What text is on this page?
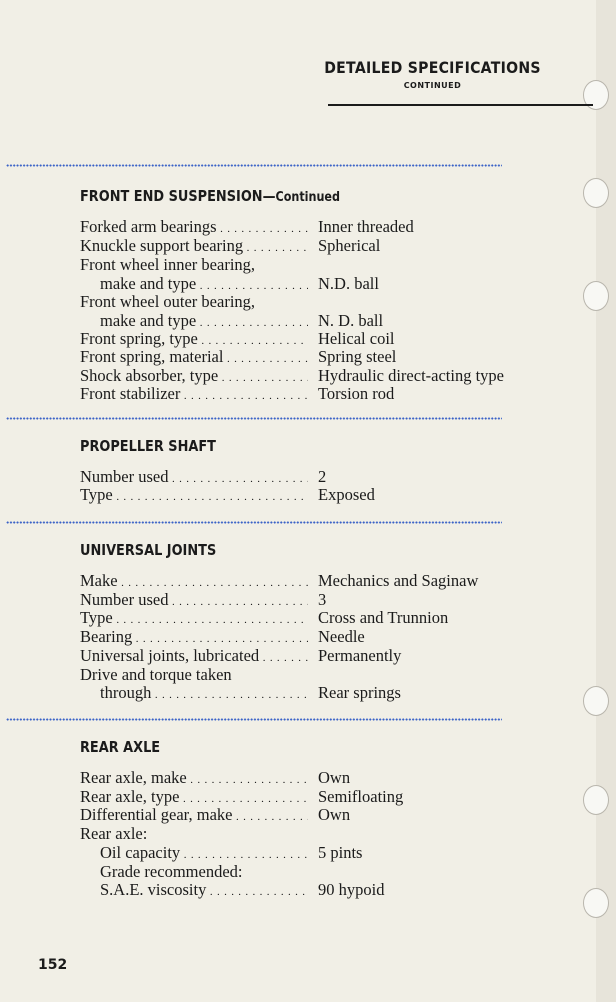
DETAILED SPECIFICATIONS
CONTINUED
FRONT END SUSPENSION—Continued
Forked arm bearings . . .	Inner threaded
Knuckle support bearing . . .	Spherical
Front wheel inner bearing,
make and type . . .	N.D. ball
Front wheel outer bearing,
make and type . . .	N. D. ball
Front spring, type . . .	Helical coil
Front spring, material . . .	Spring steel
Shock absorber, type . . .	Hydraulic direct-acting type
Front stabilizer . . .	Torsion rod
PROPELLER SHAFT
Number used . . .	2
Type . . .	Exposed
UNIVERSAL JOINTS
Make . . .	Mechanics and Saginaw
Number used . . .	3
Type . . .	Cross and Trunnion
Bearing . . .	Needle
Universal joints, lubricated . . .	Permanently
Drive and torque taken
through . . .	Rear springs
REAR AXLE
Rear axle, make . . .	Own
Rear axle, type . . .	Semifloating
Differential gear, make . . .	Own
Rear axle:
Oil capacity . . .	5 pints
Grade recommended:
S.A.E. viscosity . . .	90 hypoid
152
